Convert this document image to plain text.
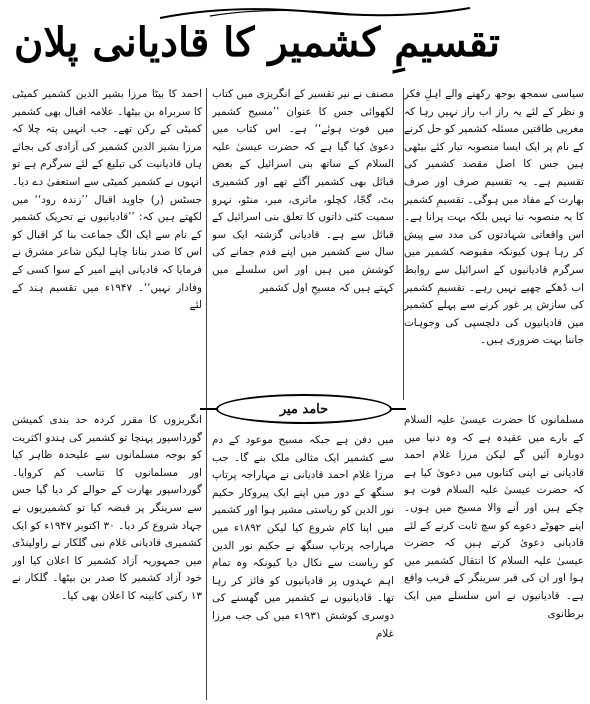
تقسیمِ کشمیر کا قادیانی پلان

سیاسی سمجھ بوجھ رکھنے والے اہلِ فکر و نظر کے لئے یہ راز اب راز نہیں رہا کہ مغربی طاقتیں مسئلہ کشمیر کو حل کرنے کے نام پر ایک ایسا منصوبہ تیار کئے بیٹھی ہیں جس کا اصل مقصد کشمیر کی تقسیم ہے۔ یہ تقسیم صرف اور صرف بھارت کے مفاد میں ہوگی۔ تقسیمِ کشمیر کا یہ منصوبہ نیا نہیں بلکہ بہت پرانا ہے۔ اس واقعاتی شہادتوں کی مدد سے پیش کر رہا ہوں کیونکہ مقبوضہ کشمیر میں سرگرم قادیانیوں کے اسرائیل سے روابط اب ڈھکے چھپے نہیں رہے۔ تقسیمِ کشمیر کی سازش پر غور کرنے سے پہلے کشمیر میں قادیانیوں کی دلچسپی کی وجوہات جاننا بہت ضروری ہیں۔

مصنف نے نیر تقسیر کے انگریزی میں کتاب لکھوائی جس کا عنوان ’’مسیح کشمیر میں فوت ہوئے‘‘ ہے۔ اس کتاب میں دعویٰ کیا گیا ہے کہ حضرت عیسیٰ علیہ السلام کے ساتھ بنی اسرائیل کے بعض قبائل بھی کشمیر آگئے تھے اور کشمیری بٹ، گجّا، کچلو، ماتری، میر، منٹو، نہرو سمیت کئی ذاتوں کا تعلق بنی اسرائیل کے قبائل سے ہے۔ قادیانی گزشتہ ایک سو سال سے کشمیر میں اپنے قدم جمانے کی کوشش میں ہیں اور اس سلسلے میں کہتے ہیں کہ مسیحِ اول کشمیر

احمد کا بیٹا مرزا بشیر الدین کشمیر کمیٹی کا سربراہ بن بیٹھا۔ علامہ اقبال بھی کشمیر کمیٹی کے رکن تھے۔ جب انہیں پتہ چلا کہ مرزا بشیر الدین کشمیر کی آزادی کی بجائے ہاں قادیانیت کی تبلیغ کے لئے سرگرم ہے تو انہوں نے کشمیر کمیٹی سے استعفیٰ دے دیا۔ جسٹس (ر) جاوید اقبال ’’زندہ رود‘‘ میں لکھتے ہیں کہ: ’’قادیانیوں نے تحریک کشمیر کے نام سے ایک الگ جماعت بنا کر اقبال کو اس کا صدر بنانا چاہا لیکن شاعر مشرق نے فرمایا کہ قادیانی اپنے امیر کے سوا کسی کے وفادار نہیں‘‘۔ ۱۹۴۷ء میں تقسیم ہند کے لئے

حامد میر

مسلمانوں کا حضرت عیسیٰ علیہ السلام کے بارے میں عقیدہ ہے کہ وہ دنیا میں دوبارہ آئیں گے لیکن مرزا غلام احمد قادیانی نے اپنی کتابوں میں دعویٰ کیا ہے کہ حضرت عیسیٰ علیہ السلام فوت ہو چکے ہیں اور آنے والا مسیح میں ہوں۔ اپنے جھوٹے دعوے کو سچ ثابت کرنے کے لئے قادیانی دعویٰ کرتے ہیں کہ حضرت عیسیٰ علیہ السلام کا انتقال کشمیر میں ہوا اور ان کی قبر سرینگر کے قریب واقع ہے۔ قادیانیوں نے اس سلسلے میں ایک برطانوی

میں دفن ہے جبکہ مسیح موعود کے دم سے کشمیر ایک مثالی ملک بنے گا۔ جب مرزا غلام احمد قادیانی نے مہاراجہ پرتاپ سنگھ کے دور میں اپنے ایک پیروکار حکیم نور الدین کو ریاستی مشیر ہوا اور کشمیر میں اپنا کام شروع کیا لیکن ۱۸۹۲ء میں مہاراجہ پرتاپ سنگھ نے حکیم نور الدین کو ریاست سے نکال دیا کیونکہ وہ تمام اہم عہدوں پر قادیانیوں کو فائز کر رہا تھا۔ قادیانیوں نے کشمیر میں گھسنے کی دوسری کوشش ۱۹۳۱ء میں کی جب مرزا غلام

انگریزوں کا مقرر کردہ حد بندی کمیشن گورداسپور پہنچا تو کشمیر کی ہندو اکثریت کو بوجہ مسلمانوں سے علیحدہ ظاہر کیا اور مسلمانوں کا تناسب کم کروایا۔ گورداسپور بھارت کے حوالے کر دیا گیا جس سے سرینگر پر قبضہ کیا تو کشمیریوں نے جہاد شروع کر دیا۔ ۳۰ اکتوبر ۱۹۴۷ء کو ایک کشمیری قادیانی غلام نبی گلکار نے راولپنڈی میں جمہوریہ آزاد کشمیر کا اعلان کیا اور خود آزاد کشمیر کا صدر بن بیٹھا۔ گلکار نے ۱۳ رکنی کابینہ کا اعلان بھی کیا۔
